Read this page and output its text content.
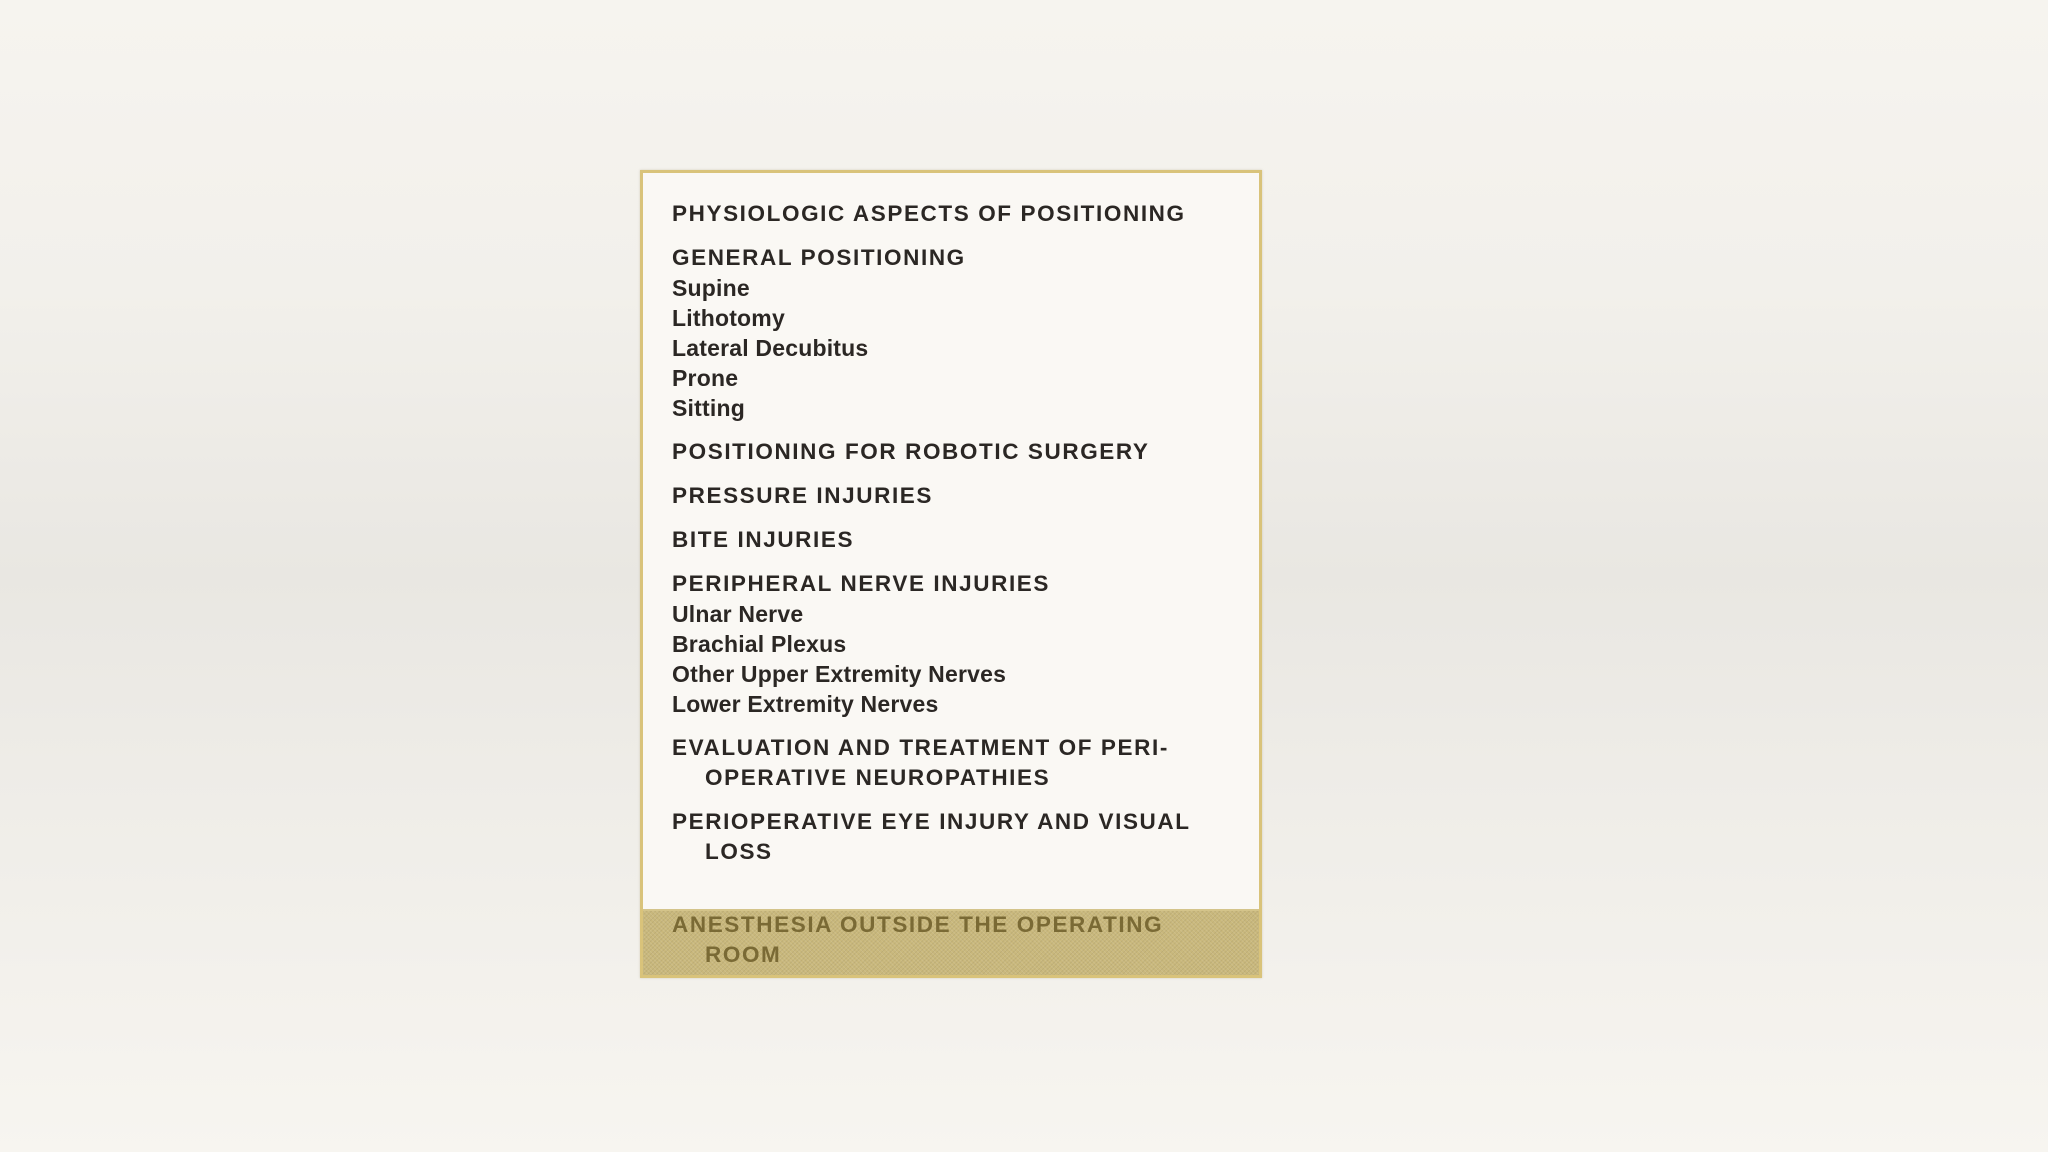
PHYSIOLOGIC ASPECTS OF POSITIONING
GENERAL POSITIONING
Supine
Lithotomy
Lateral Decubitus
Prone
Sitting
POSITIONING FOR ROBOTIC SURGERY
PRESSURE INJURIES
BITE INJURIES
PERIPHERAL NERVE INJURIES
Ulnar Nerve
Brachial Plexus
Other Upper Extremity Nerves
Lower Extremity Nerves
EVALUATION AND TREATMENT OF PERI-OPERATIVE NEUROPATHIES
PERIOPERATIVE EYE INJURY AND VISUAL LOSS
ANESTHESIA OUTSIDE THE OPERATING ROOM
